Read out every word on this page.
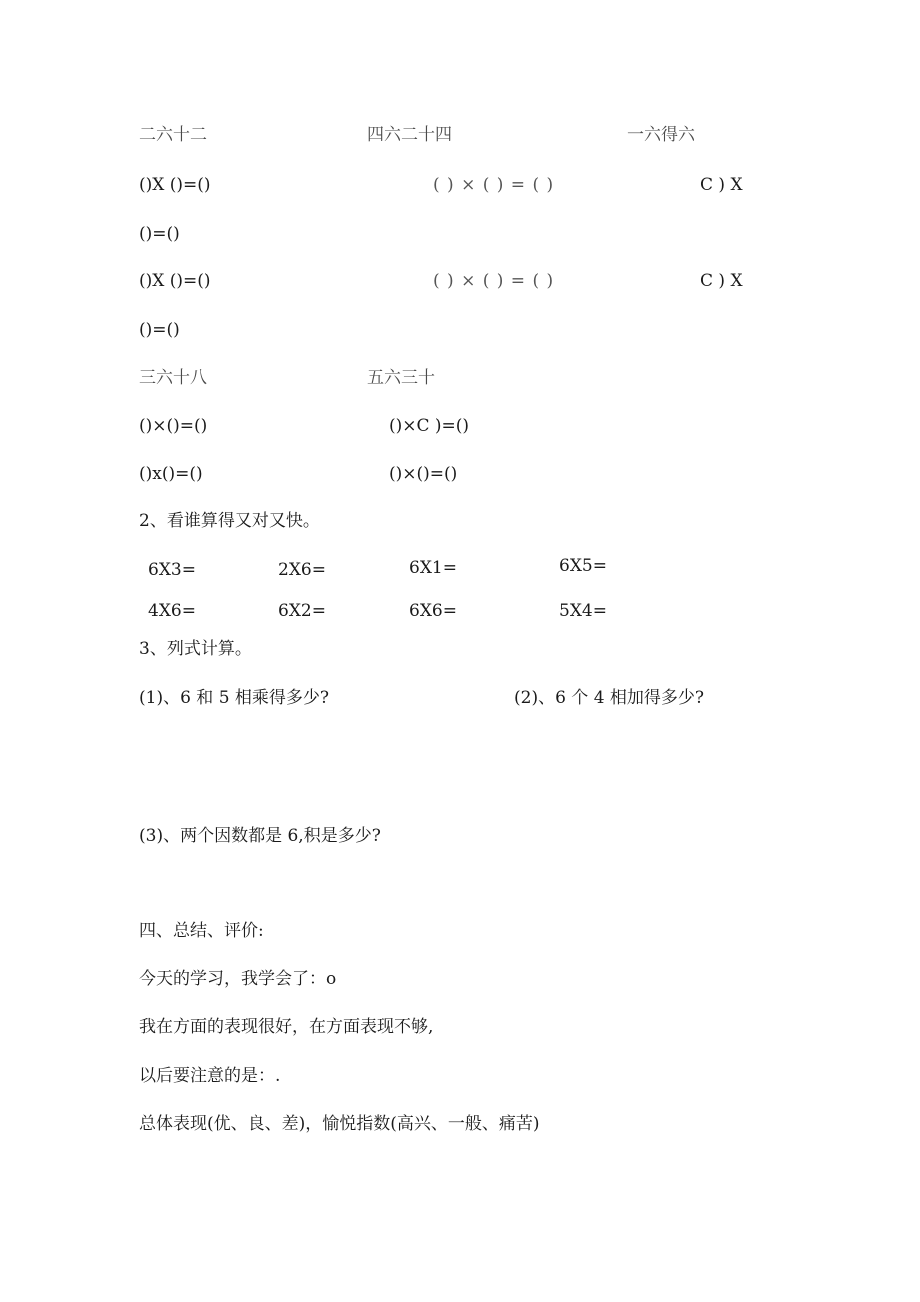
二六十二	四六二十四	一六得六
()X ()=()	( ) × ( ) = ( )	C ) X
()=()
()X ()=()	( ) × ( ) = ( )	C ) X
()=()
三六十八	五六三十
()×()=()	()×C )=()
()x()=()	()×()=()
2、看谁算得又对又快。
6X3=	2X6=	6X1=	6X5=
4X6=	6X2=	6X6=	5X4=
3、列式计算。
(1)、6 和 5 相乘得多少?	(2)、6 个 4 相加得多少?
(3)、两个因数都是 6,积是多少?
四、总结、评价:
今天的学习，我学会了：o
我在方面的表现很好，在方面表现不够,
以后要注意的是：.
总体表现(优、良、差)，愉悦指数(高兴、一般、痛苦)
